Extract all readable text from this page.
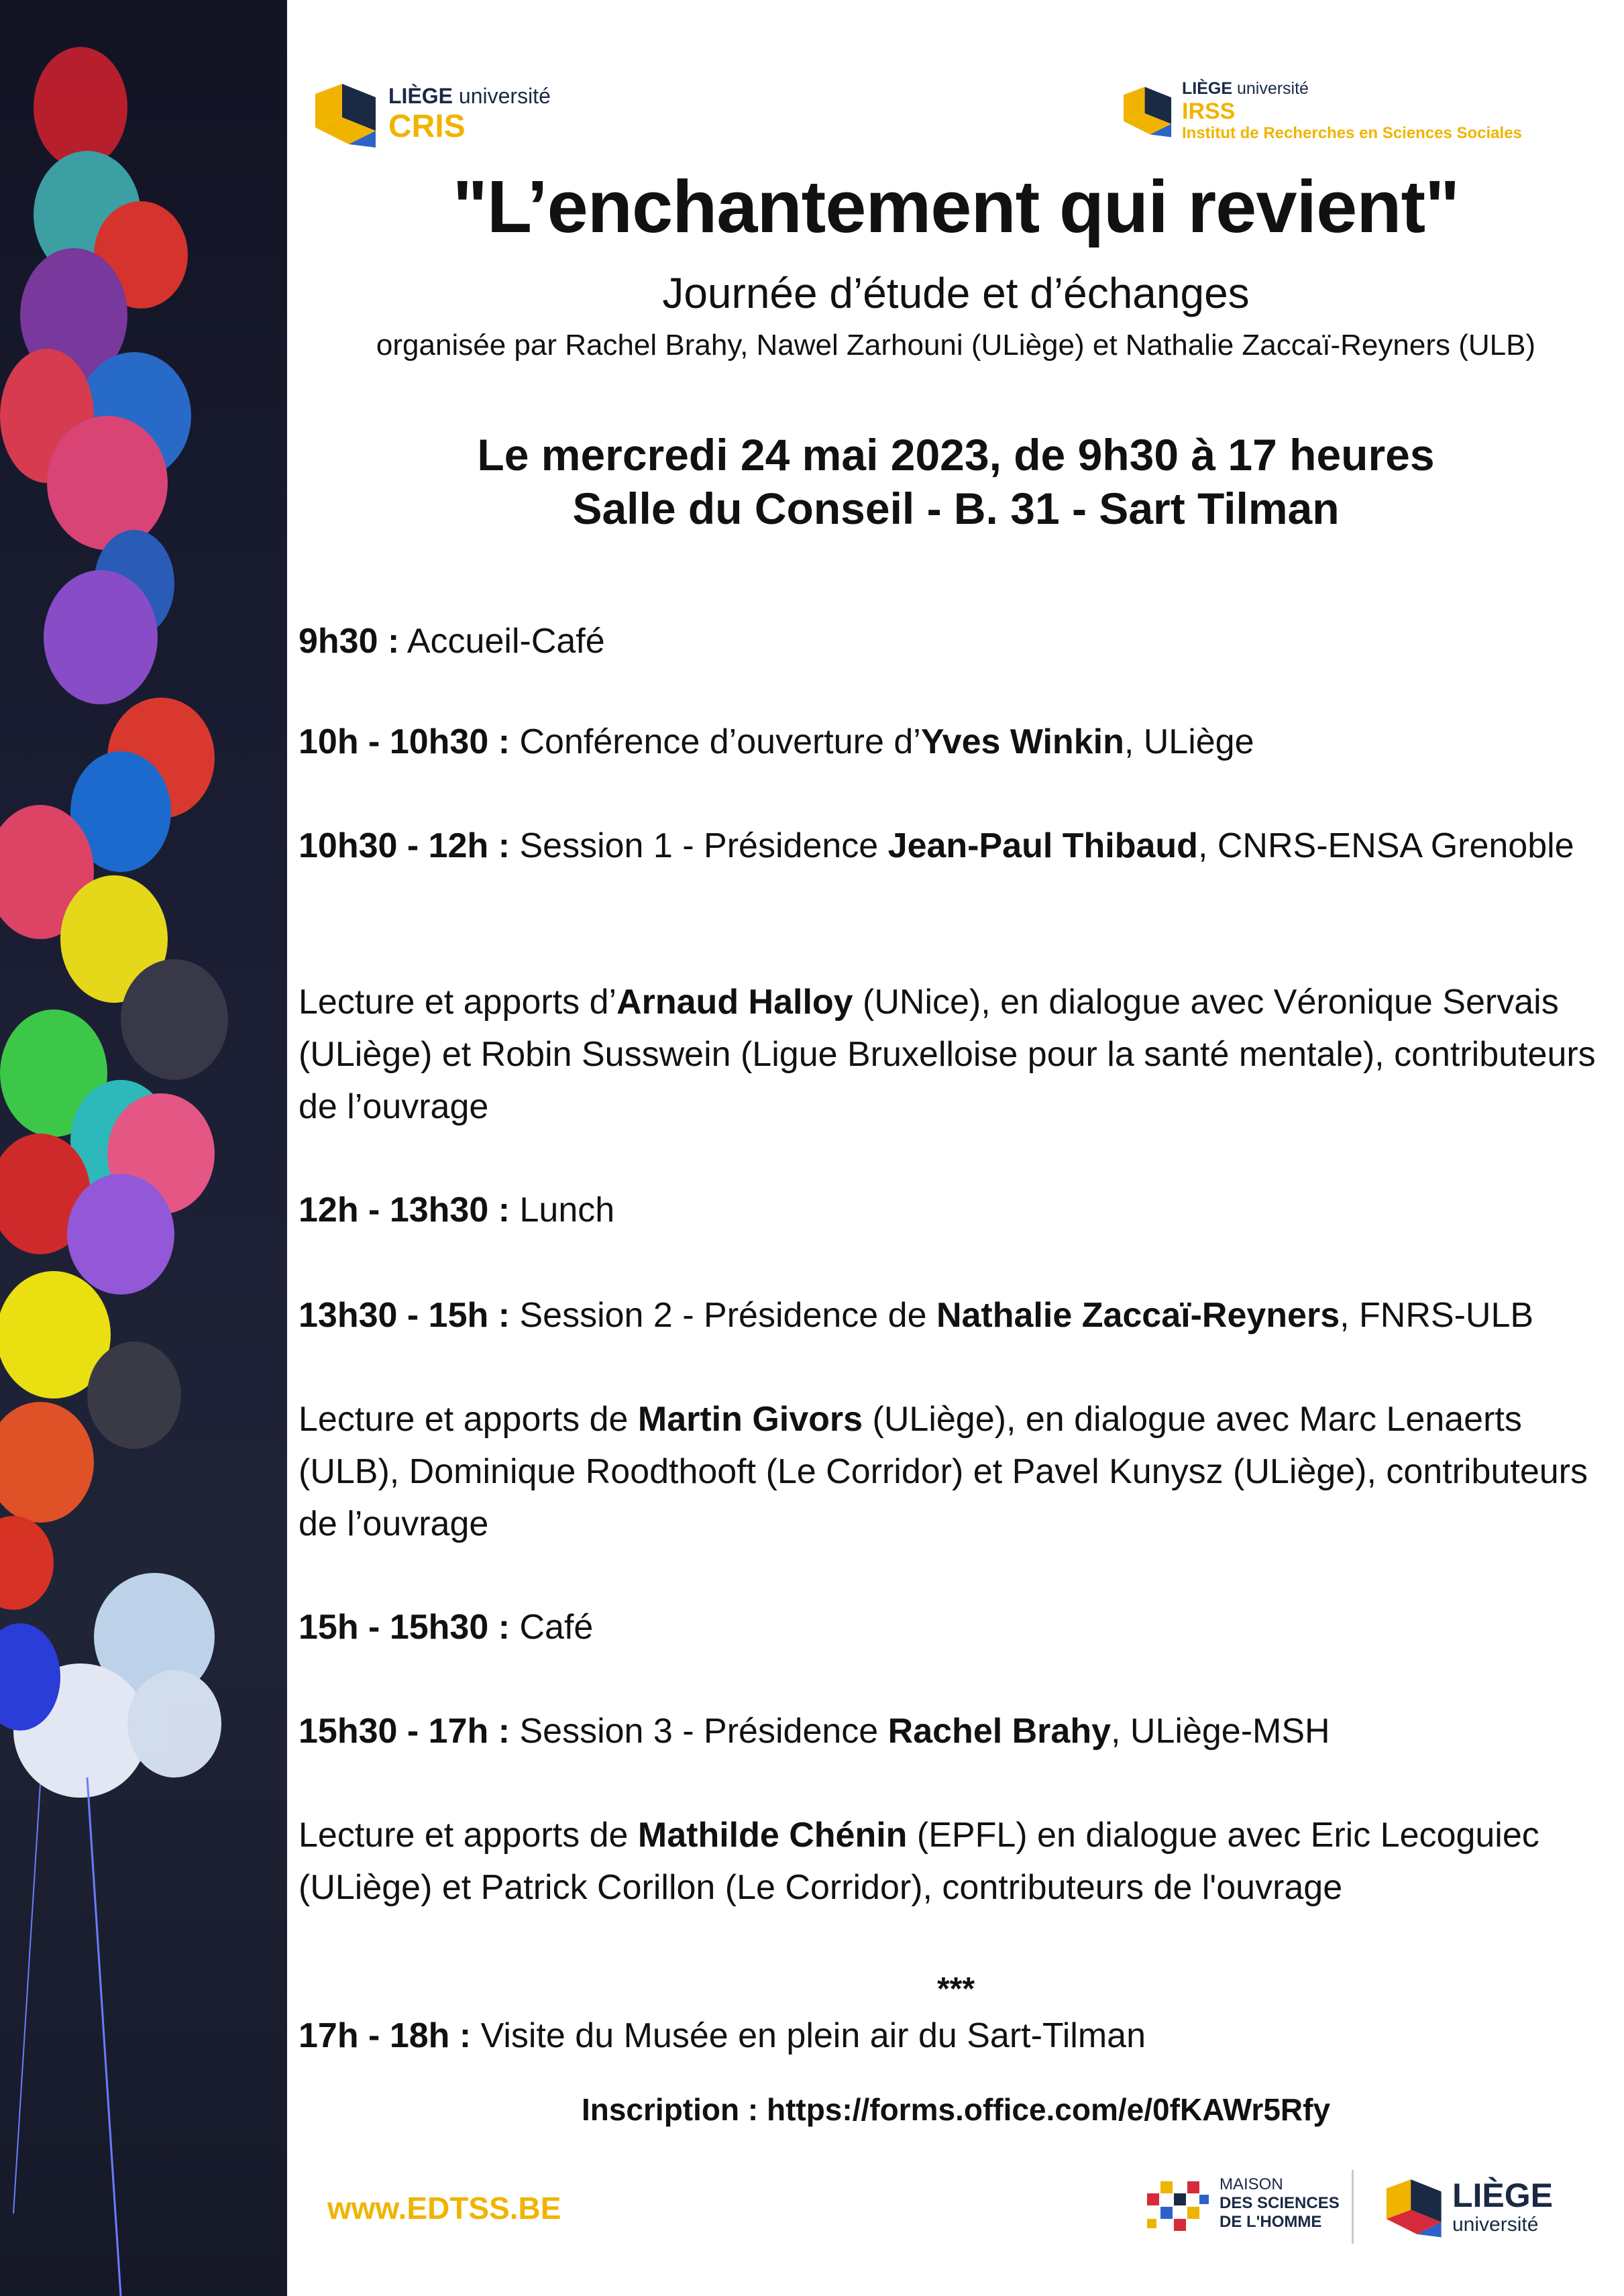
LIÈGE université
CRIS
LIÈGE université
IRSS
Institut de Recherches en Sciences Sociales
"L’enchantement qui revient"
Journée d’étude et d’échanges
organisée par Rachel Brahy, Nawel Zarhouni (ULiège) et Nathalie Zaccaï-Reyners (ULB)
Le mercredi 24 mai 2023, de 9h30 à 17 heures
Salle du Conseil - B. 31 - Sart Tilman
9h30 : Accueil-Café
10h - 10h30 : Conférence d’ouverture d’Yves Winkin, ULiège
10h30 - 12h : Session 1 - Présidence Jean-Paul Thibaud, CNRS-ENSA Grenoble
Lecture et apports d’Arnaud Halloy (UNice), en dialogue avec Véronique Servais (ULiège) et Robin Susswein (Ligue Bruxelloise pour la santé mentale), contributeurs de l’ouvrage
12h - 13h30 : Lunch
13h30 - 15h : Session 2 - Présidence de Nathalie Zaccaï-Reyners, FNRS-ULB
Lecture et apports de Martin Givors (ULiège), en dialogue avec Marc Lenaerts (ULB), Dominique Roodthooft (Le Corridor) et Pavel Kunysz (ULiège), contributeurs de l’ouvrage
15h - 15h30 : Café
15h30 - 17h : Session 3 - Présidence Rachel Brahy, ULiège-MSH
Lecture et apports de Mathilde Chénin (EPFL) en dialogue avec Eric Lecoguiec (ULiège) et Patrick Corillon (Le Corridor), contributeurs de l'ouvrage
***
17h - 18h : Visite du Musée en plein air du Sart-Tilman
Inscription : https://forms.office.com/e/0fKAWr5Rfy
www.EDTSS.BE
MAISON
DES SCIENCES
DE L'HOMME
LIÈGE
université
